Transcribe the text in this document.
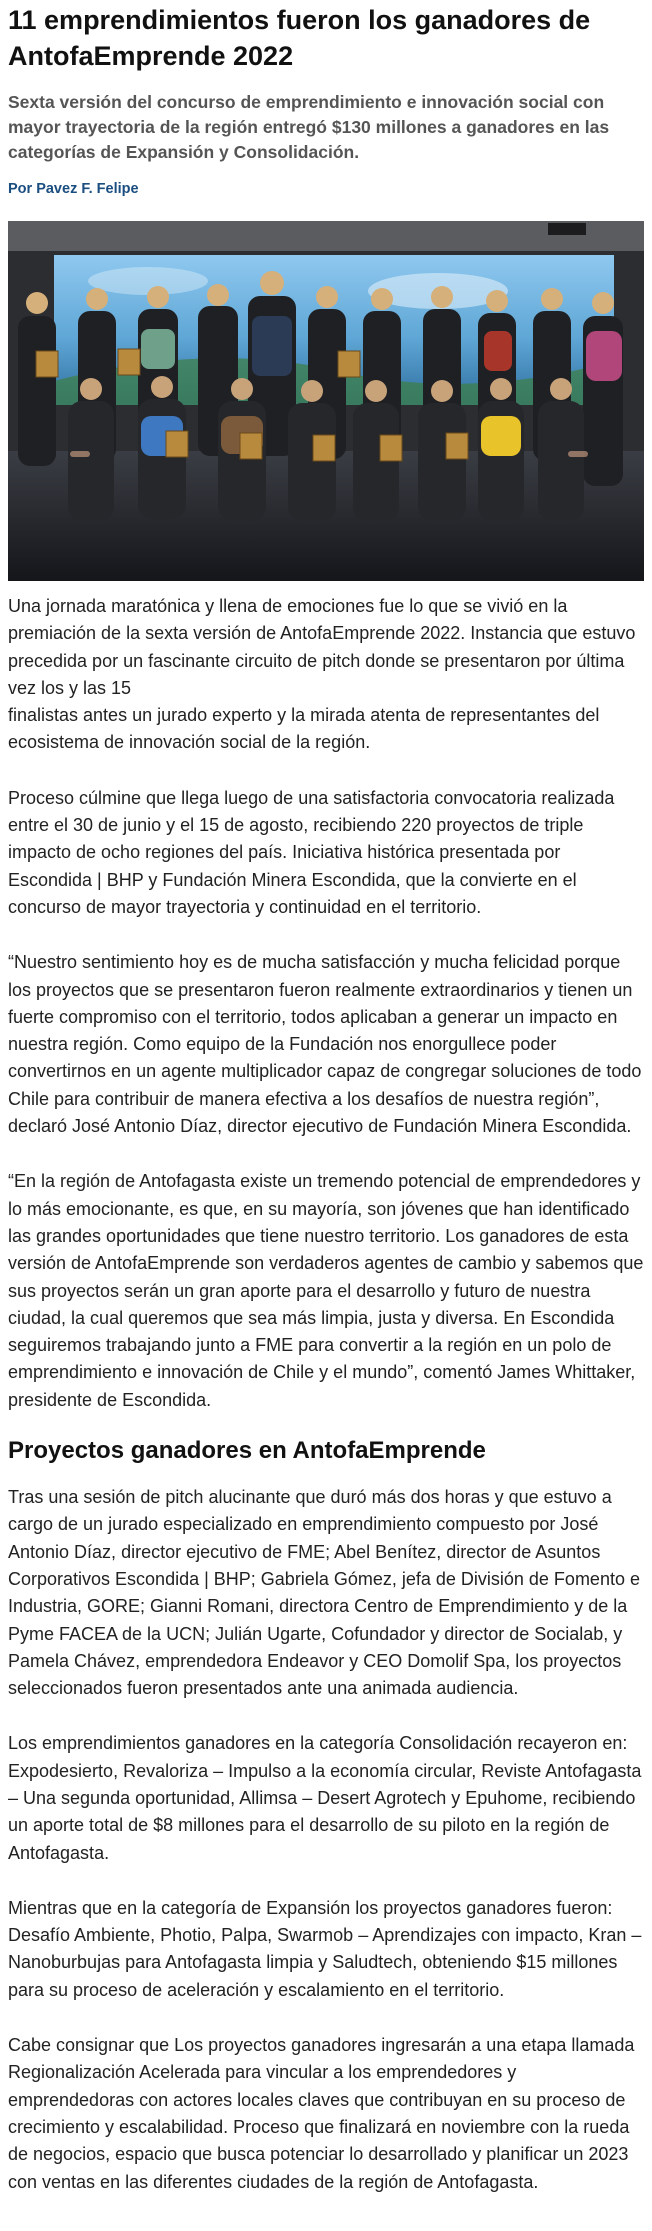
11 emprendimientos fueron los ganadores de AntofaEmprende 2022

Sexta versión del concurso de emprendimiento e innovación social con mayor trayectoria de la región entregó $130 millones a ganadores en las categorías de Expansión y Consolidación.

Por Pavez F. Felipe

Una jornada maratónica y llena de emociones fue lo que se vivió en la premiación de la sexta versión de AntofaEmprende 2022. Instancia que estuvo precedida por un fascinante circuito de pitch donde se presentaron por última vez los y las 15
finalistas antes un jurado experto y la mirada atenta de representantes del ecosistema de innovación social de la región.

Proceso cúlmine que llega luego de una satisfactoria convocatoria realizada entre el 30 de junio y el 15 de agosto, recibiendo 220 proyectos de triple impacto de ocho regiones del país. Iniciativa histórica presentada por Escondida | BHP y Fundación Minera Escondida, que la convierte en el concurso de mayor trayectoria y continuidad en el territorio.

“Nuestro sentimiento hoy es de mucha satisfacción y mucha felicidad porque los proyectos que se presentaron fueron realmente extraordinarios y tienen un fuerte compromiso con el territorio, todos aplicaban a generar un impacto en nuestra región. Como equipo de la Fundación nos enorgullece poder convertirnos en un agente multiplicador capaz de congregar soluciones de todo Chile para contribuir de manera efectiva a los desafíos de nuestra región”, declaró José Antonio Díaz, director ejecutivo de Fundación Minera Escondida.

“En la región de Antofagasta existe un tremendo potencial de emprendedores y lo más emocionante, es que, en su mayoría, son jóvenes que han identificado las grandes oportunidades que tiene nuestro territorio. Los ganadores de esta versión de AntofaEmprende son verdaderos agentes de cambio y sabemos que sus proyectos serán un gran aporte para el desarrollo y futuro de nuestra ciudad, la cual queremos que sea más limpia, justa y diversa. En Escondida seguiremos trabajando junto a FME para convertir a la región en un polo de emprendimiento e innovación de Chile y el mundo”, comentó James Whittaker, presidente de Escondida.

Proyectos ganadores en AntofaEmprende

Tras una sesión de pitch alucinante que duró más dos horas y que estuvo a cargo de un jurado especializado en emprendimiento compuesto por José Antonio Díaz, director ejecutivo de FME; Abel Benítez, director de Asuntos Corporativos Escondida | BHP; Gabriela Gómez, jefa de División de Fomento e Industria, GORE; Gianni Romani, directora Centro de Emprendimiento y de la Pyme FACEA de la UCN; Julián Ugarte, Cofundador y director de Socialab, y Pamela Chávez, emprendedora Endeavor y CEO Domolif Spa, los proyectos seleccionados fueron presentados ante una animada audiencia.

Los emprendimientos ganadores en la categoría Consolidación recayeron en: Expodesierto, Revaloriza – Impulso a la economía circular, Reviste Antofagasta – Una segunda oportunidad, Allimsa – Desert Agrotech y Epuhome, recibiendo
un aporte total de $8 millones para el desarrollo de su piloto en la región de Antofagasta.

Mientras que en la categoría de Expansión los proyectos ganadores fueron: Desafío Ambiente, Photio, Palpa, Swarmob – Aprendizajes con impacto, Kran – Nanoburbujas para Antofagasta limpia y Saludtech, obteniendo $15 millones para su proceso de aceleración y escalamiento en el territorio.

Cabe consignar que Los proyectos ganadores ingresarán a una etapa llamada Regionalización Acelerada para vincular a los emprendedores y emprendedoras con actores locales claves que contribuyan en su proceso de crecimiento y escalabilidad. Proceso que finalizará en noviembre con la rueda de negocios, espacio que busca potenciar lo desarrollado y planificar un 2023 con ventas en las diferentes ciudades de la región de Antofagasta.
